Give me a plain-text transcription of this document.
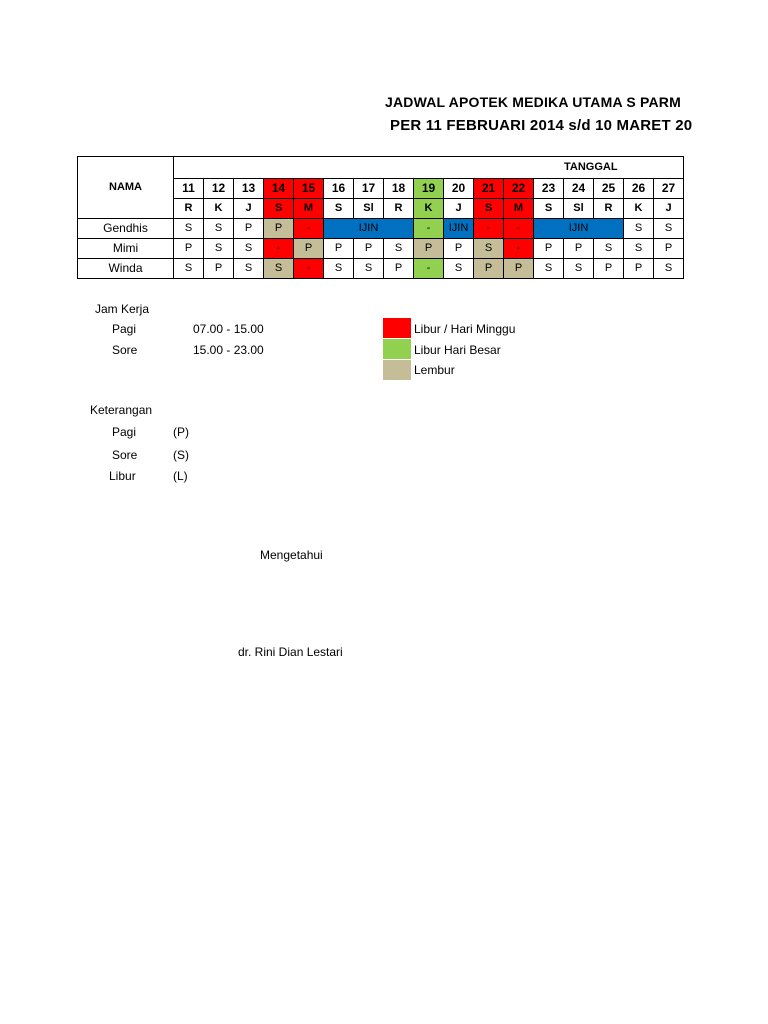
JADWAL APOTEK MEDIKA UTAMA S PARM
PER 11 FEBRUARI 2014 s/d 10 MARET 20
NAMA	TANGGAL																
	11	12	13	14	15	16	17	18	19	20	21	22	23	24	25	26	27
	R	K	J	S	M	S	Sl	R	K	J	S	M	S	Sl	R	K	J
Gendhis	S	S	P	P	-	IJIN			-	IJIN	-	-	IJIN			S	S
Mimi	P	S	S	-	P	P	P	S	P	P	S	-	P	P	S	S	P
Winda	S	P	S	S	-	S	S	P	-	S	P	P	S	S	P	P	S
Jam Kerja
Pagi	07.00 - 15.00
Sore	15.00 - 23.00
Libur / Hari Minggu
Libur Hari Besar
Lembur
Keterangan
Pagi	(P)
Sore	(S)
Libur	(L)
Mengetahui
dr. Rini Dian Lestari
